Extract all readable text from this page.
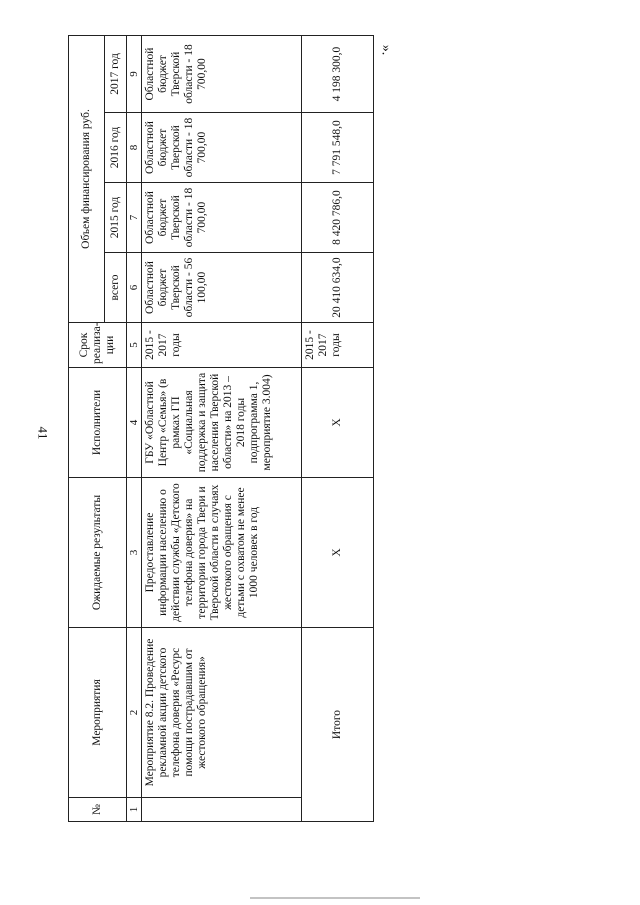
41
».
№	Мероприятия	Ожидаемые результаты	Исполнители	Срок реализа-ции	Объем финансирования руб.			
					всего	2015 год	2016 год	2017 год
1	2	3	4	5	6	7	8	9
	Мероприятие 8.2. Проведение рекламной акции детского телефона доверия «Ресурс помощи пострадавшим от жестокого обращения»	Предоставление информации населению о действии службы «Детского телефона доверия» на территории города Твери и Тверской области в случаях жестокого обращения с детьми с охватом не менее 1000 человек в год	ГБУ «Областной Центр «Семья» (в рамках ГП «Социальная поддержка и защита населения Тверской области» на 2013 – 2018 годы подпрограмма 1, мероприятие 3.004)	2015 - 2017 годы	Областной бюджет Тверской области - 56 100,00	Областной бюджет Тверской области - 18 700,00	Областной бюджет Тверской области - 18 700,00	Областной бюджет Тверской области - 18 700,00
Итого		Х	Х	2015 - 2017 годы	20 410 634,0	8 420 786,0	7 791 548,0	4 198 300,0
